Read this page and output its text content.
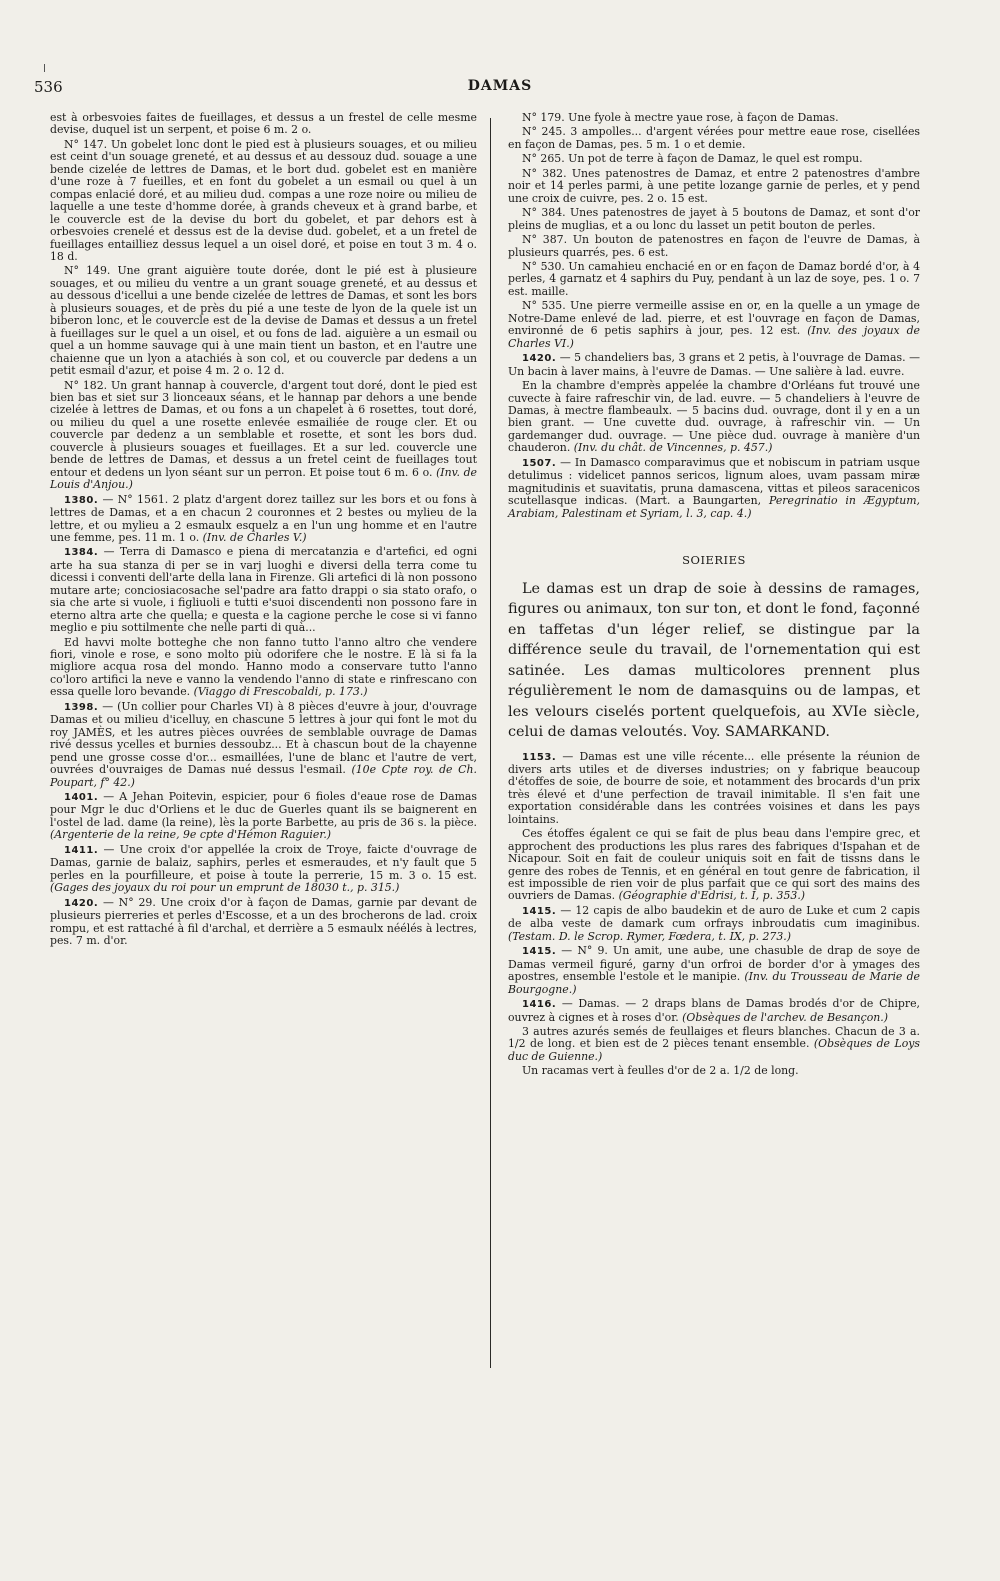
536	DAMAS

est à orbesvoies faites de fueillages, et dessus a un frestel de celle mesme devise, duquel ist un serpent, et poise 6 m. 2 o.

N° 147. Un gobelet lonc dont le pied est à plusieurs souages, et ou milieu est ceint d'un souage greneté, et au dessus et au dessouz dud. souage a une bende cizelée de lettres de Damas, et le bort dud. gobelet est en manière d'une roze à 7 fueilles, et en font du gobelet a un esmail ou quel à un compas enlacié doré, et au milieu dud. compas a une roze noire ou milieu de laquelle a une teste d'homme dorée, à grands cheveux et à grand barbe, et le couvercle est de la devise du bort du gobelet, et par dehors est à orbesvoies crenelé et dessus est de la devise dud. gobelet, et a un fretel de fueillages entailliez dessus lequel a un oisel doré, et poise en tout 3 m. 4 o. 18 d.

N° 149. Une grant aiguière toute dorée, dont le pié est à plusieure souages, et ou milieu du ventre a un grant souage greneté, et au dessus et au dessous d'icellui a une bende cizelée de lettres de Damas, et sont les bors à plusieurs souages, et de près du pié a une teste de lyon de la quele ist un biberon lonc, et le couvercle est de la devise de Damas et dessus a un fretel à fueillages sur le quel a un oisel, et ou fons de lad. aiguière a un esmail ou quel a un homme sauvage qui à une main tient un baston, et en l'autre une chaienne que un lyon a atachiés à son col, et ou couvercle par dedens a un petit esmail d'azur, et poise 4 m. 2 o. 12 d.

N° 182. Un grant hannap à couvercle, d'argent tout doré, dont le pied est bien bas et siet sur 3 lionceaux séans, et le hannap par dehors a une bende cizelée à lettres de Damas, et ou fons a un chapelet à 6 rosettes, tout doré, ou milieu du quel a une rosette enlevée esmailiée de rouge cler. Et ou couvercle par dedenz a un semblable et rosette, et sont les bors dud. couvercle à plusieurs souages et fueillages. Et a sur led. couvercle une bende de lettres de Damas, et dessus a un fretel ceint de fueillages tout entour et dedens un lyon séant sur un perron. Et poise tout 6 m. 6 o. (Inv. de Louis d'Anjou.)

1380. — N° 1561. 2 platz d'argent dorez taillez sur les bors et ou fons à lettres de Damas, et a en chacun 2 couronnes et 2 bestes ou mylieu de la lettre, et ou mylieu a 2 esmaulx esquelz a en l'un ung homme et en l'autre une femme, pes. 11 m. 1 o. (Inv. de Charles V.)

1384. — Terra di Damasco e piena di mercatanzia e d'artefici, ed ogni arte ha sua stanza di per se in varj luoghi e diversi della terra come tu dicessi i conventi dell'arte della lana in Firenze. Gli artefici di là non possono mutare arte; conciosiacosache sel'padre ara fatto drappi o sia stato orafo, o sia che arte si vuole, i figliuoli e tutti e'suoi discendenti non possono fare in eterno altra arte che quella; e questa e la cagione perche le cose si vi fanno meglio e piu sottilmente che nelle parti di quà...

Ed havvi molte botteghe che non fanno tutto l'anno altro che vendere fiori, vinole e rose, e sono molto più odorifere che le nostre. E là si fa la migliore acqua rosa del mondo. Hanno modo a conservare tutto l'anno co'loro artifici la neve e vanno la vendendo l'anno di state e rinfrescano con essa quelle loro bevande. (Viaggo di Frescobaldi, p. 173.)

1398. — (Un collier pour Charles VI) à 8 pièces d'euvre à jour, d'ouvrage Damas et ou milieu d'icelluy, en chascune 5 lettres à jour qui font le mot du roy JAMÈS, et les autres pièces ouvrées de semblable ouvrage de Damas rivé dessus ycelles et burnies dessoubz... Et à chascun bout de la chayenne pend une grosse cosse d'or... esmaillées, l'une de blanc et l'autre de vert, ouvrées d'ouvraiges de Damas nué dessus l'esmail. (10e Cpte roy. de Ch. Poupart, f° 42.)

1401. — A Jehan Poitevin, espicier, pour 6 fioles d'eaue rose de Damas pour Mgr le duc d'Orliens et le duc de Guerles quant ils se baignerent en l'ostel de lad. dame (la reine), lès la porte Barbette, au pris de 36 s. la pièce. (Argenterie de la reine, 9e cpte d'Hémon Raguier.)

1411. — Une croix d'or appellée la croix de Troye, faicte d'ouvrage de Damas, garnie de balaiz, saphirs, perles et esmeraudes, et n'y fault que 5 perles en la pourfilleure, et poise à toute la perrerie, 15 m. 3 o. 15 est. (Gages des joyaux du roi pour un emprunt de 18030 t., p. 315.)

1420. — N° 29. Une croix d'or à façon de Damas, garnie par devant de plusieurs pierreries et perles d'Escosse, et a un des brocherons de lad. croix rompu, et est rattaché à fil d'archal, et derrière a 5 esmaulx néélés à lectres, pes. 7 m. d'or.

N° 179. Une fyole à mectre yaue rose, à façon de Damas.

N° 245. 3 ampolles... d'argent vérées pour mettre eaue rose, cisellées en façon de Damas, pes. 5 m. 1 o et demie.

N° 265. Un pot de terre à façon de Damaz, le quel est rompu.

N° 382. Unes patenostres de Damaz, et entre 2 patenostres d'ambre noir et 14 perles parmi, à une petite lozange garnie de perles, et y pend une croix de cuivre, pes. 2 o. 15 est.

N° 384. Unes patenostres de jayet à 5 boutons de Damaz, et sont d'or pleins de muglias, et a ou lonc du lasset un petit bouton de perles.

N° 387. Un bouton de patenostres en façon de l'euvre de Damas, à plusieurs quarrés, pes. 6 est.

N° 530. Un camahieu enchacié en or en façon de Damaz bordé d'or, à 4 perles, 4 garnatz et 4 saphirs du Puy, pendant à un laz de soye, pes. 1 o. 7 est. maille.

N° 535. Une pierre vermeille assise en or, en la quelle a un ymage de Notre-Dame enlevé de lad. pierre, et est l'ouvrage en façon de Damas, environné de 6 petis saphirs à jour, pes. 12 est. (Inv. des joyaux de Charles VI.)

1420. — 5 chandeliers bas, 3 grans et 2 petis, à l'ouvrage de Damas. — Un bacin à laver mains, à l'euvre de Damas. — Une salière à lad. euvre.

En la chambre d'emprès appelée la chambre d'Orléans fut trouvé une cuvecte à faire rafreschir vin, de lad. euvre. — 5 chandeliers à l'euvre de Damas, à mectre flambeaulx. — 5 bacins dud. ouvrage, dont il y en a un bien grant. — Une cuvette dud. ouvrage, à rafreschir vin. — Un gardemanger dud. ouvrage. — Une pièce dud. ouvrage à manière d'un chauderon. (Inv. du chât. de Vincennes, p. 457.)

1507. — In Damasco comparavimus que et nobiscum in patriam usque detulimus : videlicet pannos sericos, lignum aloes, uvam passam miræ magnitudinis et suavitatis, pruna damascena, vittas et pileos saracenicos scutellasque indicas. (Mart. a Baungarten, Peregrinatio in Ægyptum, Arabiam, Palestinam et Syriam, l. 3, cap. 4.)

SOIERIES

Le damas est un drap de soie à dessins de ramages, figures ou animaux, ton sur ton, et dont le fond, façonné en taffetas d'un léger relief, se distingue par la différence seule du travail, de l'ornementation qui est satinée. Les damas multicolores prennent plus régulièrement le nom de damasquins ou de lampas, et les velours ciselés portent quelquefois, au XVIe siècle, celui de damas veloutés. Voy. SAMARKAND.

1153. — Damas est une ville récente... elle présente la réunion de divers arts utiles et de diverses industries; on y fabrique beaucoup d'étoffes de soie, de bourre de soie, et notamment des brocards d'un prix très élevé et d'une perfection de travail inimitable. Il s'en fait une exportation considérable dans les contrées voisines et dans les pays lointains.

Ces étoffes égalent ce qui se fait de plus beau dans l'empire grec, et approchent des productions les plus rares des fabriques d'Ispahan et de Nicapour. Soit en fait de couleur uniquis soit en fait de tissns dans le genre des robes de Tennis, et en général en tout genre de fabrication, il est impossible de rien voir de plus parfait que ce qui sort des mains des ouvriers de Damas. (Géographie d'Edrisi, t. I, p. 353.)

1415. — 12 capis de albo baudekin et de auro de Luke et cum 2 capis de alba veste de damark cum orfrays inbroudatis cum imaginibus. (Testam. D. le Scrop. Rymer, Fœdera, t. IX, p. 273.)

1415. — N° 9. Un amit, une aube, une chasuble de drap de soye de Damas vermeil figuré, garny d'un orfroi de border d'or à ymages des apostres, ensemble l'estole et le manipie. (Inv. du Trousseau de Marie de Bourgogne.)

1416. — Damas. — 2 draps blans de Damas brodés d'or de Chipre, ouvrez à cignes et à roses d'or. (Obsèques de l'archev. de Besançon.)

3 autres azurés semés de feullaiges et fleurs blanches. Chacun de 3 a. 1/2 de long. et bien est de 2 pièces tenant ensemble. (Obsèques de Loys duc de Guienne.)

Un racamas vert à feulles d'or de 2 a. 1/2 de long.
